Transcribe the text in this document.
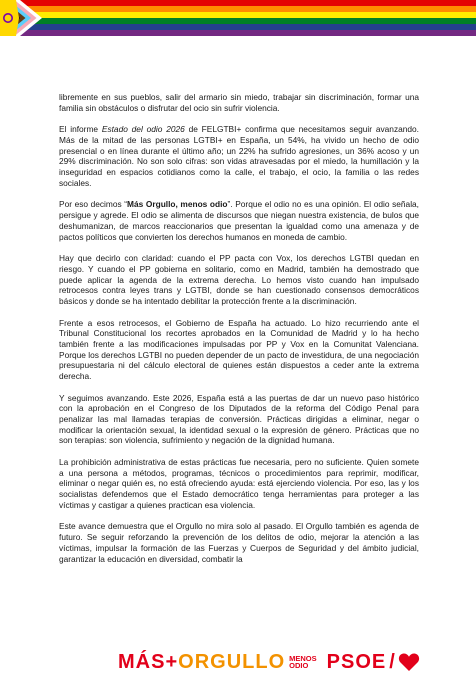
libremente en sus pueblos, salir del armario sin miedo, trabajar sin discriminación, formar una familia sin obstáculos o disfrutar del ocio sin sufrir violencia.

El informe Estado del odio 2026 de FELGTBI+ confirma que necesitamos seguir avanzando. Más de la mitad de las personas LGTBI+ en España, un 54%, ha vivido un hecho de odio presencial o en línea durante el último año; un 22% ha sufrido agresiones, un 36% acoso y un 29% discriminación. No son solo cifras: son vidas atravesadas por el miedo, la humillación y la inseguridad en espacios cotidianos como la calle, el trabajo, el ocio, la familia o las redes sociales.

Por eso decimos “Más Orgullo, menos odio”. Porque el odio no es una opinión. El odio señala, persigue y agrede. El odio se alimenta de discursos que niegan nuestra existencia, de bulos que deshumanizan, de marcos reaccionarios que presentan la igualdad como una amenaza y de pactos políticos que convierten los derechos humanos en moneda de cambio.

Hay que decirlo con claridad: cuando el PP pacta con Vox, los derechos LGTBI quedan en riesgo. Y cuando el PP gobierna en solitario, como en Madrid, también ha demostrado que puede aplicar la agenda de la extrema derecha. Lo hemos visto cuando han impulsado retrocesos contra leyes trans y LGTBI, donde se han cuestionado consensos democráticos básicos y donde se ha intentado debilitar la protección frente a la discriminación.

Frente a esos retrocesos, el Gobierno de España ha actuado. Lo hizo recurriendo ante el Tribunal Constitucional los recortes aprobados en la Comunidad de Madrid y lo ha hecho también frente a las modificaciones impulsadas por PP y Vox en la Comunitat Valenciana. Porque los derechos LGTBI no pueden depender de un pacto de investidura, de una negociación presupuestaria ni del cálculo electoral de quienes están dispuestos a ceder ante la extrema derecha.

Y seguimos avanzando. Este 2026, España está a las puertas de dar un nuevo paso histórico con la aprobación en el Congreso de los Diputados de la reforma del Código Penal para penalizar las mal llamadas terapias de conversión. Prácticas dirigidas a eliminar, negar o modificar la orientación sexual, la identidad sexual o la expresión de género. Prácticas que no son terapias: son violencia, sufrimiento y negación de la dignidad humana.

La prohibición administrativa de estas prácticas fue necesaria, pero no suficiente. Quien somete a una persona a métodos, programas, técnicos o procedimientos para reprimir, modificar, eliminar o negar quién es, no está ofreciendo ayuda: está ejerciendo violencia. Por eso, las y los socialistas defendemos que el Estado democrático tenga herramientas para proteger a las víctimas y castigar a quienes practican esa violencia.

Este avance demuestra que el Orgullo no mira solo al pasado. El Orgullo también es agenda de futuro. Se seguir reforzando la prevención de los delitos de odio, mejorar la atención a las víctimas, impulsar la formación de las Fuerzas y Cuerpos de Seguridad y del ámbito judicial, garantizar la educación en diversidad, combatir la

MÁS + ORGULLO MENOS
ODIO PSOE /
